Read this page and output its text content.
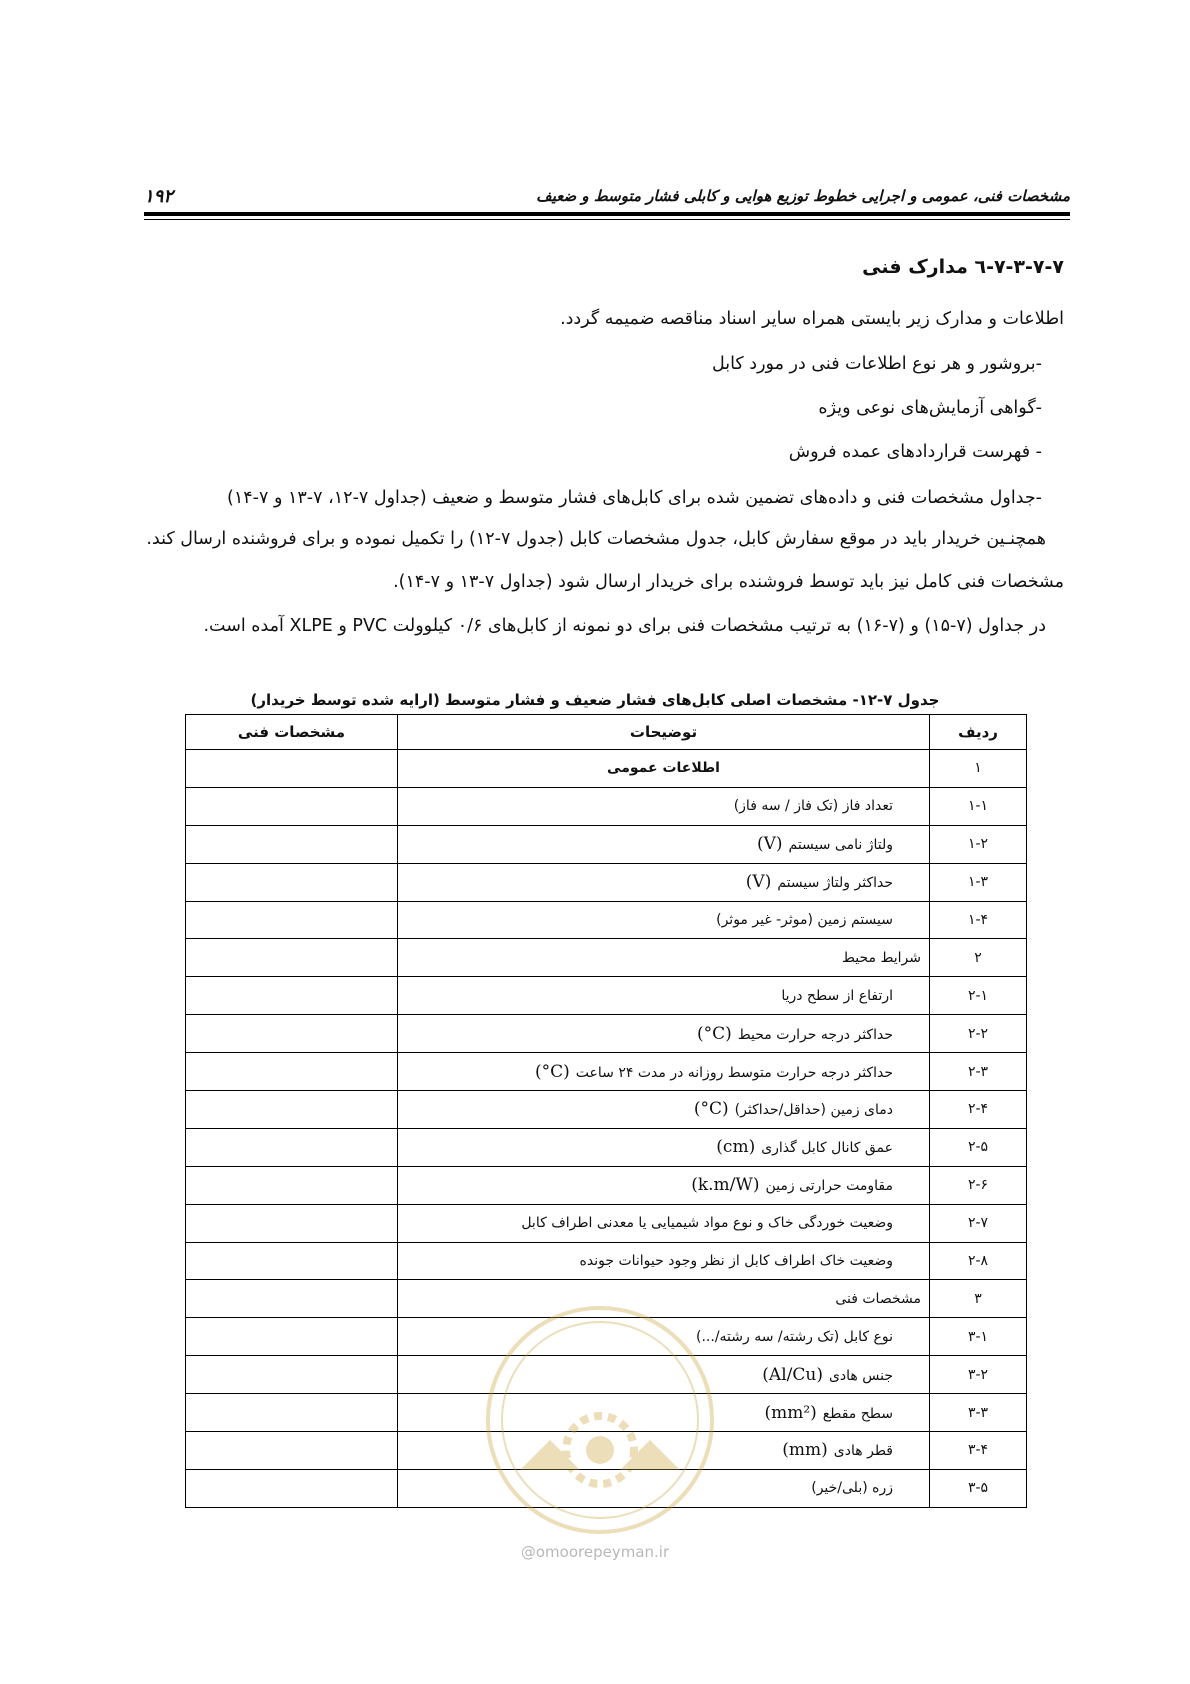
مشخصات فنی، عمومی و اجرایی خطوط توزیع هوایی و کابلی فشار متوسط و ضعیف
۱۹۲
۷-۳-۷-۷-٦ مدارک فنی
اطلاعات و مدارک زیر بایستی همراه سایر اسناد مناقصه ضمیمه گردد.
-بروشور و هر نوع اطلاعات فنی در مورد کابل
-گواهی آزمایش‌های نوعی ویژه
- فهرست قراردادهای عمده فروش
-جداول مشخصات فنی و داده‌های تضمین شده برای کابل‌های فشار متوسط و ضعیف (جداول ۷-۱۲، ۷-۱۳ و ۷-۱۴)
همچنـین خریدار باید در موقع سفارش کابل، جدول مشخصات کابل (جدول ۷-۱۲) را تکمیل نموده و برای فروشنده ارسال کند.
مشخصات فنی کامل نیز باید توسط فروشنده برای خریدار ارسال شود (جداول ۷-۱۳ و ۷-۱۴).
در جداول (۷-۱۵) و (۷-۱۶) به ترتیب مشخصات فنی برای دو نمونه از کابل‌های ۰/۶ کیلوولت PVC و XLPE آمده است.
جدول ۷-۱۲- مشخصات اصلی کابل‌های فشار ضعیف و فشار متوسط (ارایه شده توسط خریدار)
ردیف	توضیحات	مشخصات فنی
۱	اطلاعات عمومی	
۱-۱	تعداد فاز (تک فاز / سه فاز)	
۱-۲	ولتاژ نامی سیستم(V)	
۱-۳	حداکثر ولتاژ سیستم(V)	
۱-۴	سیستم زمین (موثر- غیر موثر)	
۲	شرایط محیط	
۲-۱	ارتفاع از سطح دریا	
۲-۲	حداکثر درجه حرارت محیط(°C)	
۲-۳	حداکثر درجه حرارت متوسط روزانه در مدت ۲۴ ساعت(°C)	
۲-۴	دمای زمین (حداقل/حداکثر)(°C)	
۲-۵	عمق کانال کابل گذاری(cm)	
۲-۶	مقاومت حرارتی زمین(k.m/W)	
۲-۷	وضعیت خوردگی خاک و نوع مواد شیمیایی یا معدنی اطراف کابل	
۲-۸	وضعیت خاک اطراف کابل از نظر وجود حیوانات جونده	
۳	مشخصات فنی	
۳-۱	نوع کابل (تک رشته/ سه رشته/...)	
۳-۲	جنس هادی(Al/Cu)	
۳-۳	سطح مقطع(mm²)	
۳-۴	قطر هادی(mm)	
۳-۵	زره (بلی/خیر)	
@omoorepeyman.ir
